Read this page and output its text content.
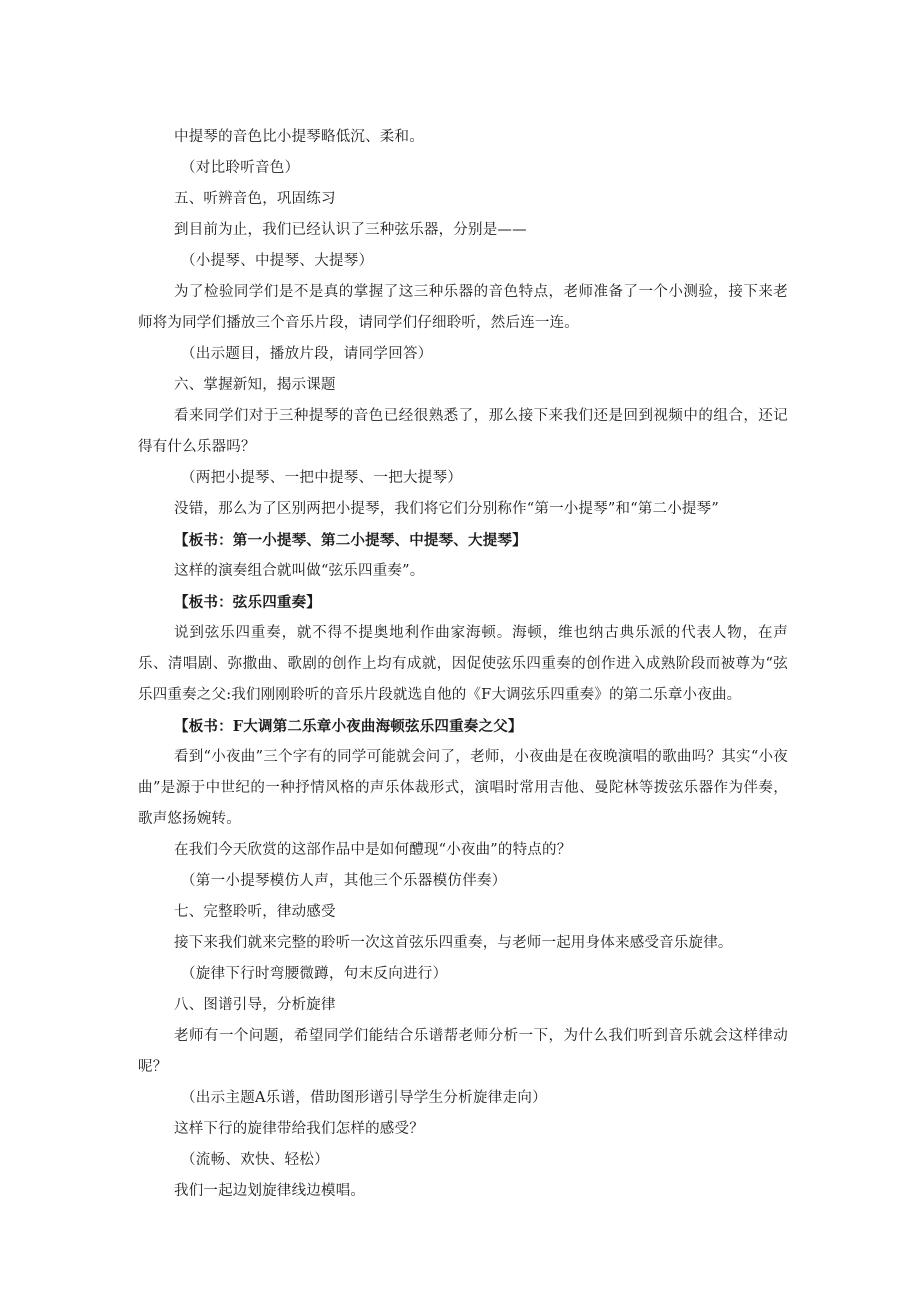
中提琴的音色比小提琴略低沉、柔和。

（对比聆听音色）

五、听辨音色，巩固练习

到目前为止，我们已经认识了三种弦乐器，分别是——

（小提琴、中提琴、大提琴）

为了检验同学们是不是真的掌握了这三种乐器的音色特点，老师准备了一个小测验，接下来老师将为同学们播放三个音乐片段，请同学们仔细聆听，然后连一连。

（出示题目，播放片段，请同学回答）

六、掌握新知，揭示课题

看来同学们对于三种提琴的音色已经很熟悉了，那么接下来我们还是回到视频中的组合，还记得有什么乐器吗？

（两把小提琴、一把中提琴、一把大提琴）

没错，那么为了区别两把小提琴，我们将它们分别称作“第一小提琴”和“第二小提琴”

【板书：第一小提琴、第二小提琴、中提琴、大提琴】

这样的演奏组合就叫做“弦乐四重奏”。

【板书：弦乐四重奏】

说到弦乐四重奏，就不得不提奥地利作曲家海顿。海顿，维也纳古典乐派的代表人物，在声乐、清唱剧、弥撒曲、歌剧的创作上均有成就，因促使弦乐四重奏的创作进入成熟阶段而被尊为“弦乐四重奏之父:我们刚刚聆听的音乐片段就选自他的《F大调弦乐四重奏》的第二乐章小夜曲。

【板书：F大调第二乐章小夜曲海顿弦乐四重奏之父】

看到“小夜曲”三个字有的同学可能就会问了，老师，小夜曲是在夜晚演唱的歌曲吗？其实“小夜曲”是源于中世纪的一种抒情风格的声乐体裁形式，演唱时常用吉他、曼陀林等拨弦乐器作为伴奏，歌声悠扬婉转。

在我们今天欣赏的这部作品中是如何醴现“小夜曲”的特点的？

（第一小提琴模仿人声，其他三个乐器模仿伴奏）

七、完整聆听，律动感受

接下来我们就来完整的聆听一次这首弦乐四重奏，与老师一起用身体来感受音乐旋律。

（旋律下行时弯腰微蹲，句末反向进行）

八、图谱引导，分析旋律

老师有一个问题，希望同学们能结合乐谱帮老师分析一下，为什么我们听到音乐就会这样律动呢？

（出示主题A乐谱，借助图形谱引导学生分析旋律走向）

这样下行的旋律带给我们怎样的感受？

（流畅、欢快、轻松）

我们一起边划旋律线边模唱。
